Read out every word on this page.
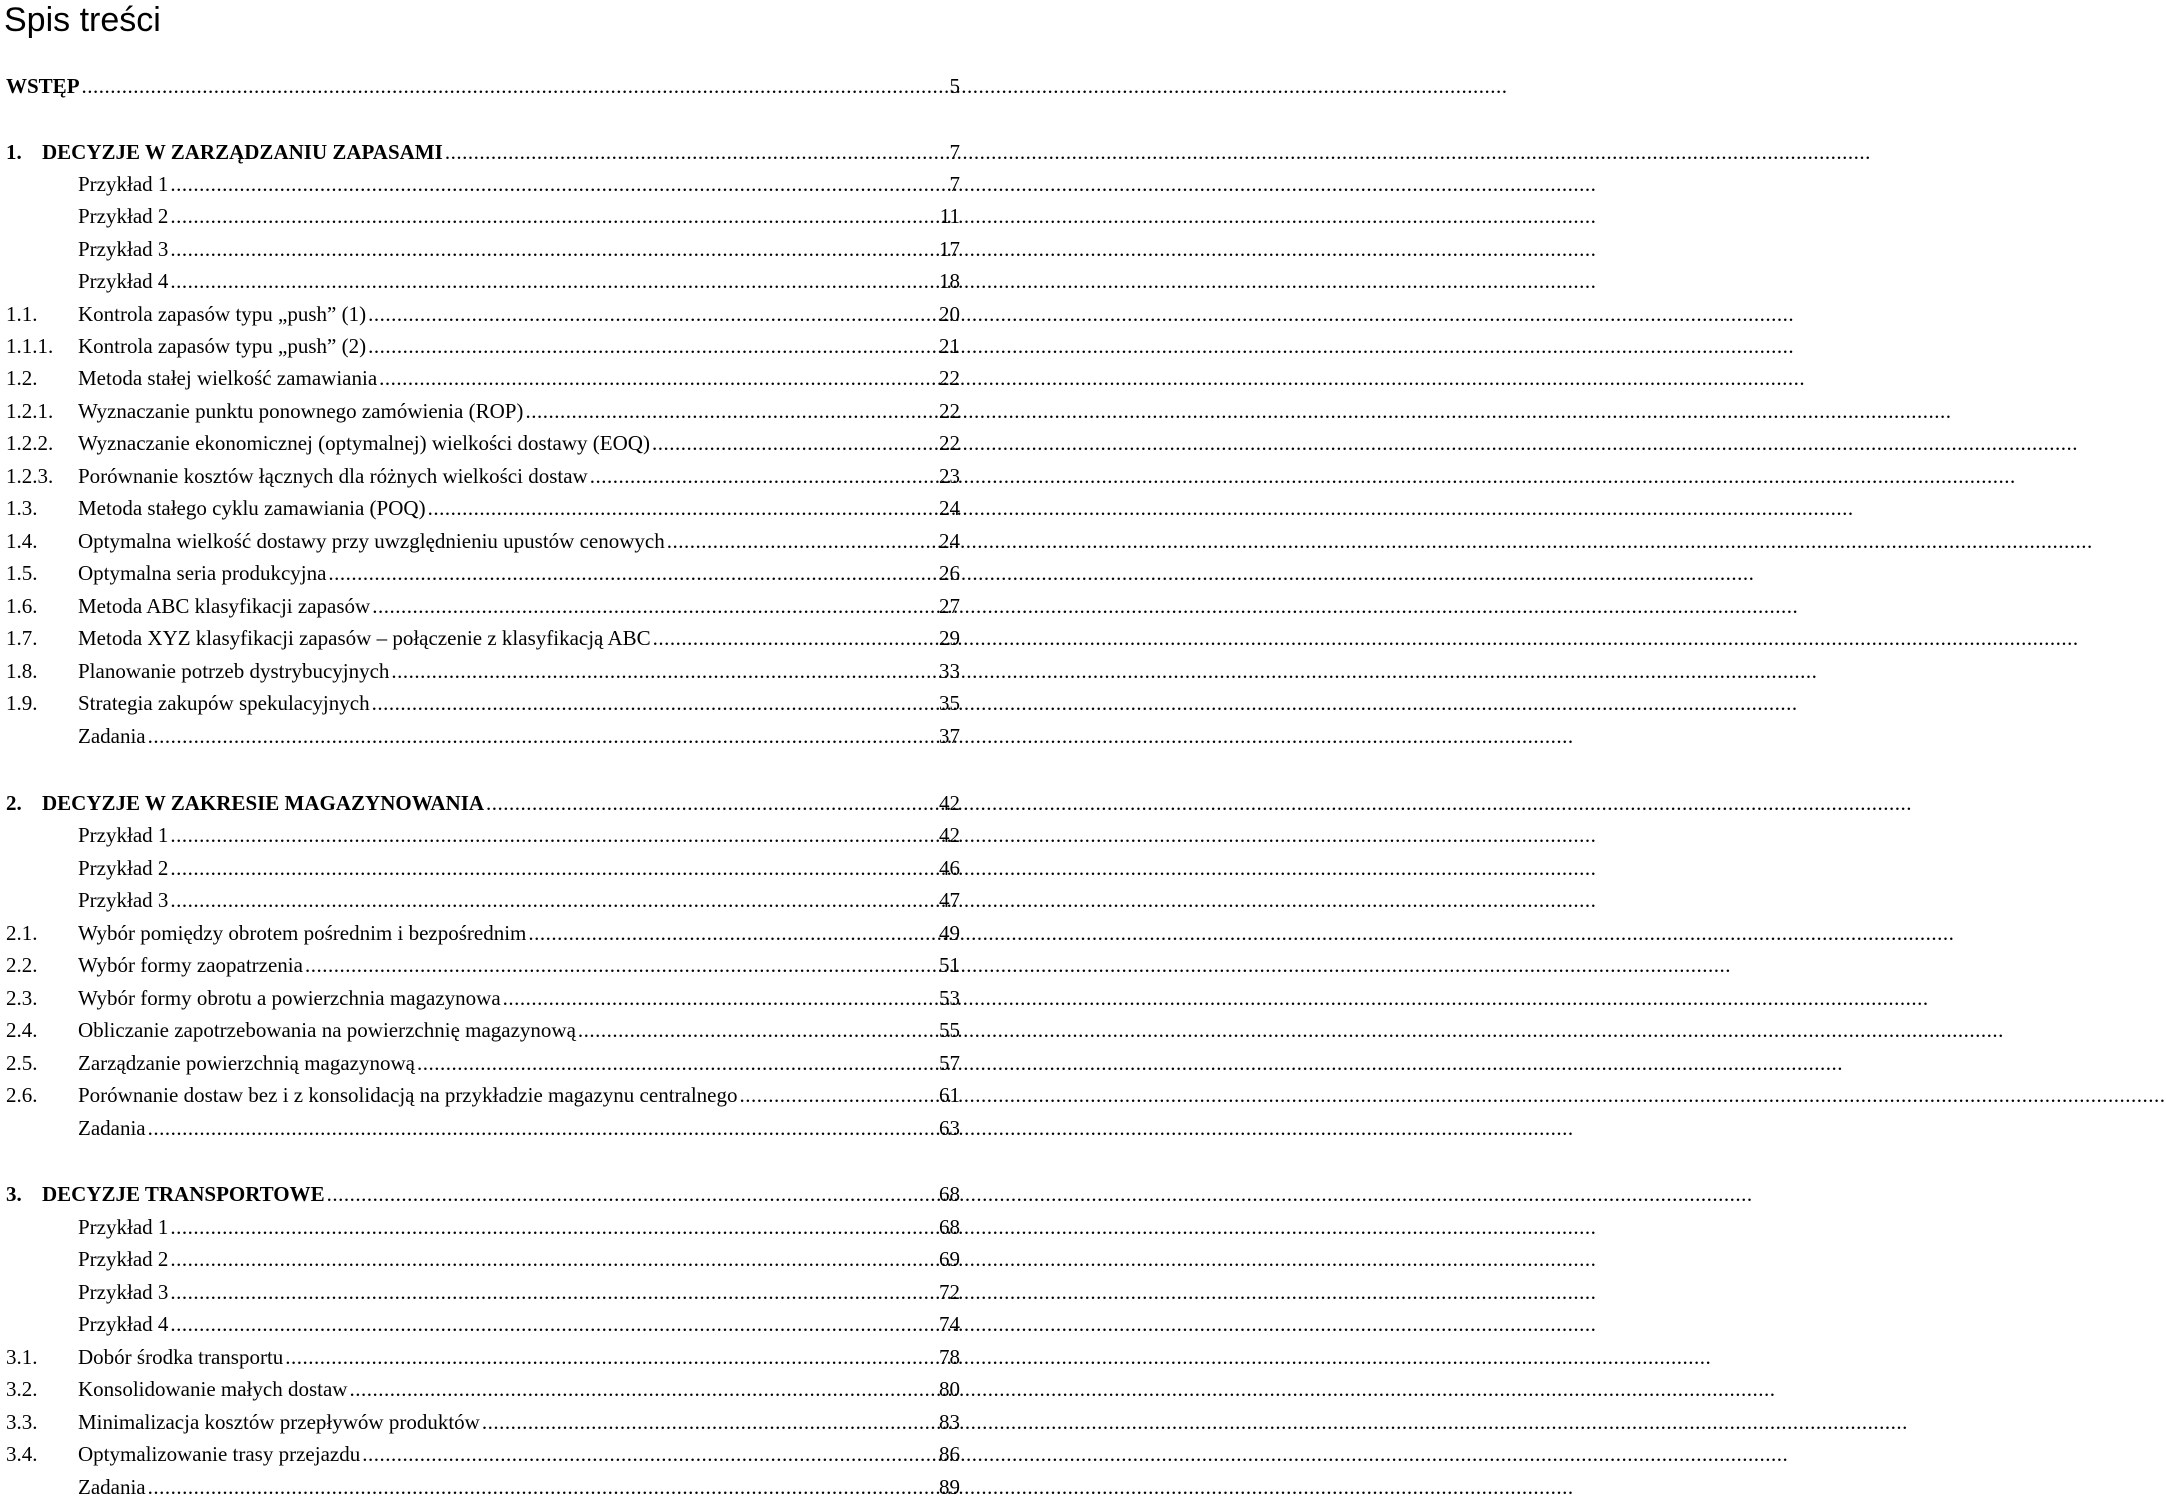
Spis treści
WSTĘP .....	5
1. DECYZJE W ZARZĄDZANIU ZAPASAMI .....	7
Przykład 1 .....	7
Przykład 2 .....	11
Przykład 3 .....	17
Przykład 4 .....	18
1.1. Kontrola zapasów typu „push” (1) .....	20
1.1.1. Kontrola zapasów typu „push” (2) .....	21
1.2. Metoda stałej wielkość zamawiania .....	22
1.2.1. Wyznaczanie punktu ponownego zamówienia (ROP) .....	22
1.2.2. Wyznaczanie ekonomicznej (optymalnej) wielkości dostawy (EOQ) .....	22
1.2.3. Porównanie kosztów łącznych dla różnych wielkości dostaw .....	23
1.3. Metoda stałego cyklu zamawiania (POQ) .....	24
1.4. Optymalna wielkość dostawy przy uwzględnieniu upustów cenowych .....	24
1.5. Optymalna seria produkcyjna .....	26
1.6. Metoda ABC klasyfikacji zapasów .....	27
1.7. Metoda XYZ klasyfikacji zapasów – połączenie z klasyfikacją ABC .....	29
1.8. Planowanie potrzeb dystrybucyjnych .....	33
1.9. Strategia zakupów spekulacyjnych .....	35
Zadania .....	37
2. DECYZJE W ZAKRESIE MAGAZYNOWANIA .....	42
Przykład 1 .....	42
Przykład 2 .....	46
Przykład 3 .....	47
2.1. Wybór pomiędzy obrotem pośrednim i bezpośrednim .....	49
2.2. Wybór formy zaopatrzenia .....	51
2.3. Wybór formy obrotu a powierzchnia magazynowa .....	53
2.4. Obliczanie zapotrzebowania na powierzchnię magazynową .....	55
2.5. Zarządzanie powierzchnią magazynową .....	57
2.6. Porównanie dostaw bez i z konsolidacją na przykładzie magazynu centralnego .....	61
Zadania .....	63
3. DECYZJE TRANSPORTOWE .....	68
Przykład 1 .....	68
Przykład 2 .....	69
Przykład 3 .....	72
Przykład 4 .....	74
3.1. Dobór środka transportu .....	78
3.2. Konsolidowanie małych dostaw .....	80
3.3. Minimalizacja kosztów przepływów produktów .....	83
3.4. Optymalizowanie trasy przejazdu .....	86
Zadania .....	89
